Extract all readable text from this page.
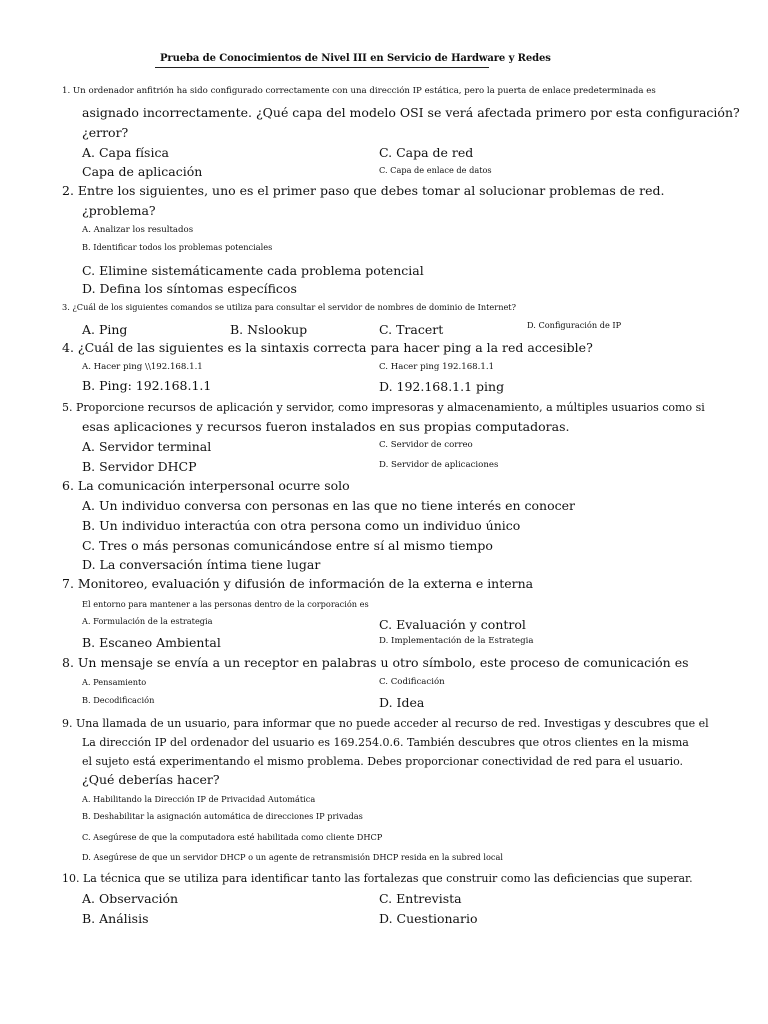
Prueba de Conocimientos de Nivel III en Servicio de Hardware y Redes

1. Un ordenador anfitrión ha sido configurado correctamente con una dirección IP estática, pero la puerta de enlace predeterminada es

asignado incorrectamente. ¿Qué capa del modelo OSI se verá afectada primero por esta configuración?

¿error?

A. Capa física	C. Capa de red

Capa de aplicación	C. Capa de enlace de datos

2. Entre los siguientes, uno es el primer paso que debes tomar al solucionar problemas de red.

¿problema?

A. Analizar los resultados

B. Identificar todos los problemas potenciales

C. Elimine sistemáticamente cada problema potencial

D. Defina los síntomas específicos

3. ¿Cuál de los siguientes comandos se utiliza para consultar el servidor de nombres de dominio de Internet?

A. Ping	B. Nslookup	C. Tracert	D. Configuración de IP

4. ¿Cuál de las siguientes es la sintaxis correcta para hacer ping a la red accesible?

A. Hacer ping \\192.168.1.1	C. Hacer ping 192.168.1.1

B. Ping: 192.168.1.1	D. 192.168.1.1 ping

5. Proporcione recursos de aplicación y servidor, como impresoras y almacenamiento, a múltiples usuarios como si

esas aplicaciones y recursos fueron instalados en sus propias computadoras.

A. Servidor terminal	C. Servidor de correo

B. Servidor DHCP	D. Servidor de aplicaciones

6. La comunicación interpersonal ocurre solo

A. Un individuo conversa con personas en las que no tiene interés en conocer

B. Un individuo interactúa con otra persona como un individuo único

C. Tres o más personas comunicándose entre sí al mismo tiempo

D. La conversación íntima tiene lugar

7. Monitoreo, evaluación y difusión de información de la externa e interna

El entorno para mantener a las personas dentro de la corporación es

A. Formulación de la estrategia	C. Evaluación y control

B. Escaneo Ambiental	D. Implementación de la Estrategia

8. Un mensaje se envía a un receptor en palabras u otro símbolo, este proceso de comunicación es

A. Pensamiento	C. Codificación

B. Decodificación	D. Idea

9. Una llamada de un usuario, para informar que no puede acceder al recurso de red. Investigas y descubres que el

La dirección IP del ordenador del usuario es 169.254.0.6. También descubres que otros clientes en la misma

el sujeto está experimentando el mismo problema. Debes proporcionar conectividad de red para el usuario.

¿Qué deberías hacer?

A. Habilitando la Dirección IP de Privacidad Automática

B. Deshabilitar la asignación automática de direcciones IP privadas

C. Asegúrese de que la computadora esté habilitada como cliente DHCP

D. Asegúrese de que un servidor DHCP o un agente de retransmisión DHCP resida en la subred local

10. La técnica que se utiliza para identificar tanto las fortalezas que construir como las deficiencias que superar.

A. Observación	C. Entrevista

B. Análisis	D. Cuestionario
